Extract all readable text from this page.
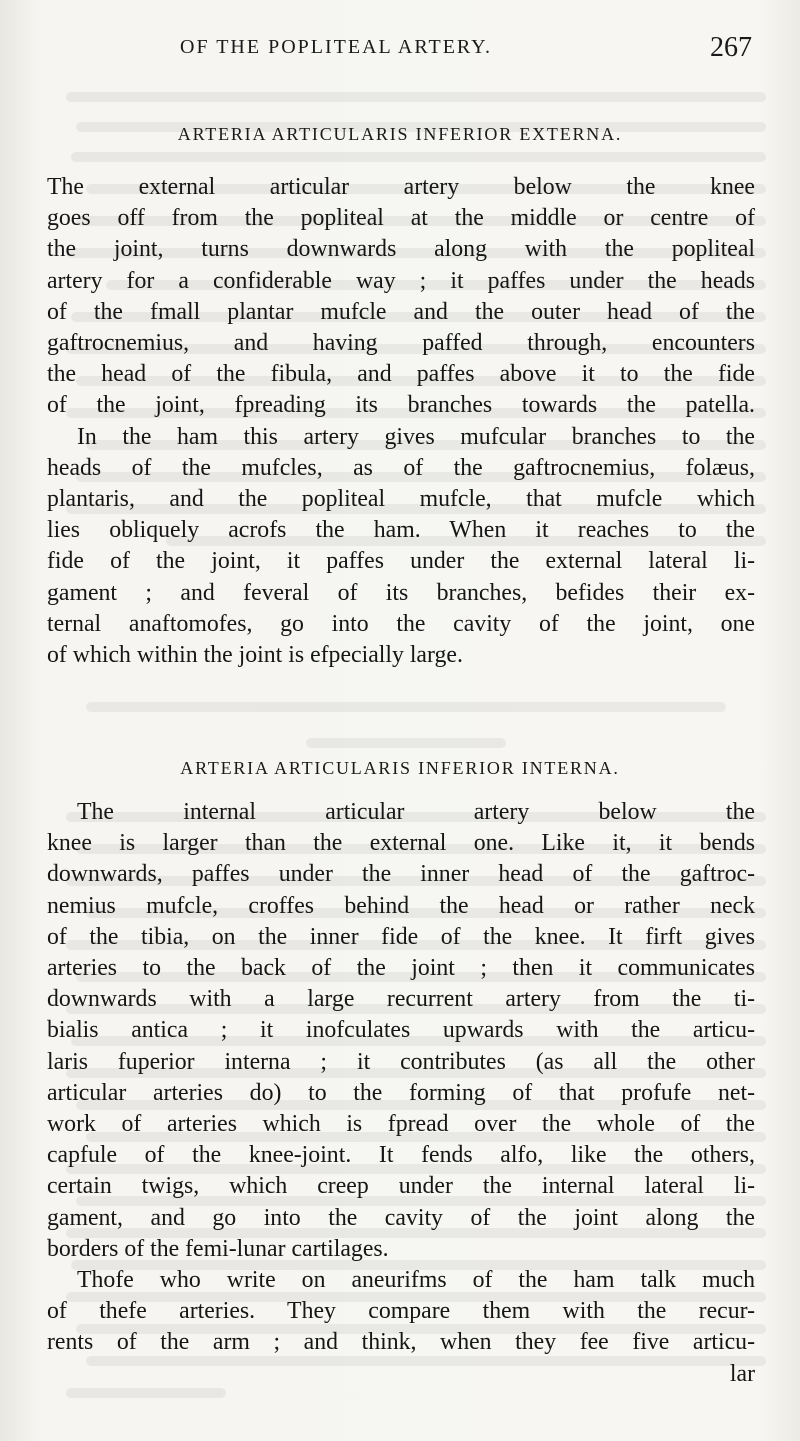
OF THE POPLITEAL ARTERY.	267
ARTERIA ARTICULARIS INFERIOR EXTERNA.
The external articular artery below the knee
goes off from the popliteal at the middle or centre of
the joint, turns downwards along with the popliteal
artery for a confiderable way ; it paffes under the heads
of the fmall plantar mufcle and the outer head of the
gaftrocnemius, and having paffed through, encounters
the head of the fibula, and paffes above it to the fide
of the joint, fpreading its branches towards the patella.
In the ham this artery gives mufcular branches to the
heads of the mufcles, as of the gaftrocnemius, folæus,
plantaris, and the popliteal mufcle, that mufcle which
lies obliquely acrofs the ham. When it reaches to the
fide of the joint, it paffes under the external lateral li-
gament ; and feveral of its branches, befides their ex-
ternal anaftomofes, go into the cavity of the joint, one
of which within the joint is efpecially large.
ARTERIA ARTICULARIS INFERIOR INTERNA.
The internal articular artery below the
knee is larger than the external one. Like it, it bends
downwards, paffes under the inner head of the gaftroc-
nemius mufcle, croffes behind the head or rather neck
of the tibia, on the inner fide of the knee. It firft gives
arteries to the back of the joint ; then it communicates
downwards with a large recurrent artery from the ti-
bialis antica ; it inofculates upwards with the articu-
laris fuperior interna ; it contributes (as all the other
articular arteries do) to the forming of that profufe net-
work of arteries which is fpread over the whole of the
capfule of the knee-joint. It fends alfo, like the others,
certain twigs, which creep under the internal lateral li-
gament, and go into the cavity of the joint along the
borders of the femi-lunar cartilages.
Thofe who write on aneurifms of the ham talk much
of thefe arteries. They compare them with the recur-
rents of the arm ; and think, when they fee five articu-
lar
